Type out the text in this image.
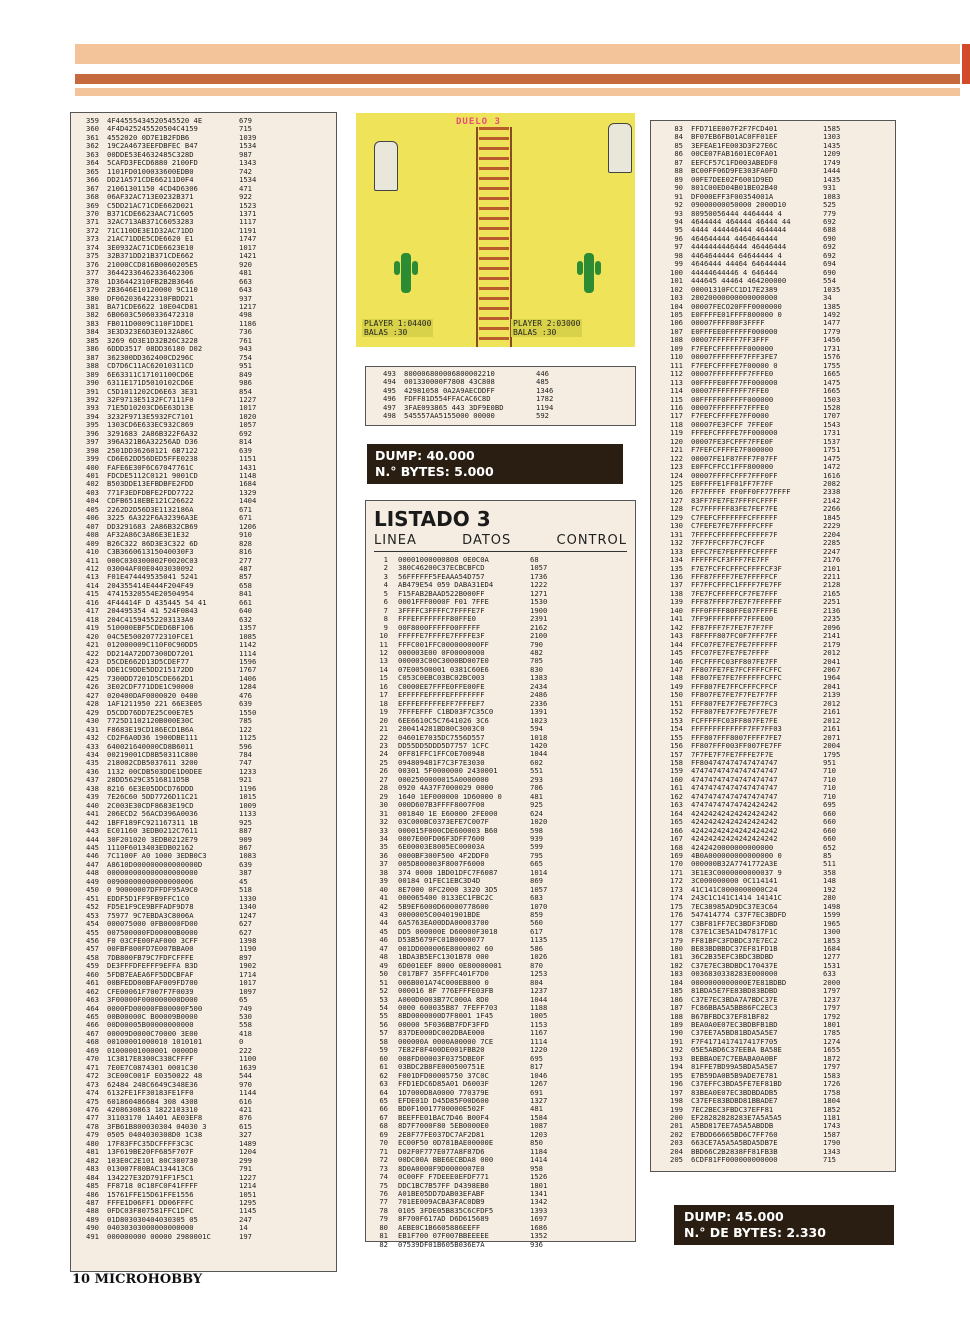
359	4F44555434520545520 4E	679
360	4F4D425245520504C4159	715
361	4552020 0D7E1B2FDB6	1039
362	19C2A4673EEFDBFEC B47	1534
363	00DDE53E4632485C328D	987
364	5CAFD3FECD6880 2100FD	1343
365	1101FD0100033600EDB0	742
366	DD21A571CDE66211D0F4	1534
367	21061301150 4CD4D6306	471
368	06AF32AC713E0232B371	922
369	C5DD21AC71CDE662D021	1523
370	B371CDE6623AAC71C605	1371
371	32AC713AB371C6053283	1117
372	71C110DE3E1D32AC71DD	1191
373	21AC71DDE5CDE6620 E1	1747
374	3E0932AC71CDE6623E10	1017
375	32B371DD21B371CDE662	1421
376	21000CCD816B0060205E5	920
377	36442336462336462306	481
378	1D36442310FB2B2B3646	663
379	2B3646E10120000 9C110	643
380	DF062036422310FBDD21	937
381	BA71CDE6622 10E04CD81	1217
382	6B0603C5060336472310	498
383	FB011D0009C110F1DDE1	1186
384	3E3D323E6D3E0132A86C	736
385	3269 6D3E1D32B26C3228	761
386	6DDD3517 08DD36180 D02	943
387	362300DD362400CD296C	754
388	CD7D6C11AC62010311CD	951
389	6E63311C17101100CD6E	849
390	6311E171D5010102CD6E	986
391	C5D1011202CD6E63 3E31	854
392	32F9713E5132FC7111F0	1227
393	71E5D10203CD6E63D13E	1017
394	3232F9713E5932FC7101	1020
395	1303CD6E633EC932C869	1057
396	3291683 2A86B322F6A32	692
397	396A321B6A32256AD D36	814
398	2501DD36260121 6B7122	639
399	CD6E62DD56DED5FFE0238	1151
400	FAFE6E30F6C67047761C	1431
401	FDCDE5112C0121 9001CD	1148
402	B503DDE13EFBDBFE2FDD	1684
403	771F3EDFDBFE2FDD7722	1329
404	CDFB6518EBE121C26622	1404
405	2262D2D56D3E1132186A	671
406	3225 6A322F6A32396A3E	671
407	DD3291683 2A86B32CB69	1206
408	AF32A86C3A86E3E1E32	910
409	B26C322 86D3E3C322 6D	828
410	C3B366061315040030F3	816
411	000C030300002F0020C03	277
412	03004AF00E0403030092	487
413	F01E474449535041 5241	857
414	204355414E444F204F49	658
415	47415320554E20504954	841
416	4F44414F D 435445 54 41	661
417	204495354 41 524F0843	640
418	204C41594552203133A0	632
419	510000EBF5CDED6BF106	1357
420	04C5E50020772310FCE1	1085
421	012000009C110F0C90DD5	1142
422	DD214A72DD7300DD7201	1114
423	D5CDE662D13D5CDEF77	1596
424	DDE1C9DDE5DD215172DD	1767
425	7300DD7201D5CDE662D1	1406
426	3E02CDF771DDE1C90000	1284
427	020400DAF0000020 0400	476
428	1AF1211950 221 66E3E05	639
429	D5CDD76DD7E25C00E7E5	1550
430	7725D1102120B000E30C	785
431	F8683E19CD186ECD1B6A	122
432	CD2F6A0D36 1900DBE111	1125
433	640021640000CD8B6011	596
434	00219001CD8B50311C800	784
435	218002CDB5037611 3200	747
436	1132 00CDB503DDE1D0DEE	1233
437	28DD5629C3516811D5B	921
438	8216 6E3E05DDCD76DDD	1196
439	7E26C60 5DD7726D11C21	1015
440	2C003E30CDF8683E19CD	1009
441	206ECD2 56ACD396A0036	1133
442	1BFF189FC921167311 1B	925
443	EC01160 3EDB0212C7611	887
444	30F201020 3EDB0212E79	909
445	1110F6013403EDB02162	867
446	7C1100F A0 1000 3EDB0C3	1083
447	A8610D000000000000000D	639
448	000000000000000000000	387
449	00900000000000000006	45
450	0 90000007DFFDF95A9C0	518
451	EDDF5D1FF9FB9FFC1C0	1330
452	FD5E1F9CE9BFFADF9D78	1340
453	75977 9C7EBDA3C8006A	1247
454	000075000 0FB0000FD00	627
455	007500000FD00000B0000	627
456	F0 03CFE00FAF000 3CFF	1398
457	00FBF800FD7E007BBA00	1190
458	7DB800FB79C7FDFCFFFE	897
459	DE3FFFDFEFFF9EFFA B3D	1902
460	5FDB7EAEA6FF5DDCBFAF	1714
461	00BFEDD00BFAF009FD700	1017
462	CFE00061F7007F7F0039	1097
463	3F00000F000000000D000	65
464	0000FD00000FB00000F500	749
465	00B00000C B00009B0000	530
466	00D00005B00000000000	558
467	00009D0000C70000 3E00	418
468	00100001000010 1010101	0
469	01000001000001 0000D0	222
470	1C3817E8300C338CFFFF	1100
471	7E0E7C0874301 0001C30	1639
472	3CE00C001F E0350022 48	544
473	62484 248C6649C348E36	970
474	6132FE1FF30183FE1FF0	1144
475	601860486684 308 4308	616
476	4208630863 1822103310	421
477	31103170 1A401 AE03EF8	876
478	3FB61B800030304 04030 3	615
479	0505 0404030308D0 1C38	327
480	17F83FFC35DCFFFF3C3C	1489
481	13F619BE20FF685F707F	1204
482	103E0C2E101 80C380730	299
483	013007F80BAC134413C6	791
484	134227E32D791FF1F5C1	1227
485	FF8718 0C18FC0F41FFFF	1214
486	15761FFE15D61FFE1556	1051
487	FFFE1D06FF1 DD06FFFC	1295
488	0FDC03F807581FFC1DFC	1145
489	01D803030404030305 05	247
490	04030303000000000000	14
491	000000000 00000 2980001C	197
DUELO 3
PLAYER 1:04400
BALAS :30
PLAYER 2:03000
BALAS :30
493	800006800006800002210	446
494	001330000F7808 43C808	485
495	42981058 0A2A9AECDDFF	1346
496	FDFF81D554FFACAC6C8D	1782
497	3FAE093865 443 3DF9E0BD	1194
498	545557AA5155000 00000	592
DUMP: 40.000
N.° BYTES: 5.000
LISTADO 3
LINEA	DATOS	CONTROL
1	00001000000808 0E0C0A	68
2	380C46200C37ECBCBFCD	1057
3	56FFFFFF5FEAAA54D757	1736
4	AB479E54 059 DABA31ED4	1222
5	F15FAB2BAAD522B000FF	1271
6	0001FFF0000F F01 7FFE	1530
7	3FFFFC3FFFFC7FFFFE7F	1900
8	FFFEFFFFFFFF80FFE0	2391
9	00F8000FFFFF00FFFFF	2162
10	FFFFFE7FFFFE7FFFFE3F	2100
11	FFFC001FFC000000000FF	790
12	000003E00 0F00000000	482
13	000003C00C3000BD007E0	705
14	07E00500001 0381C60E6	830
15	C053C0EBC03BC02BC003	1383
16	C0000EE7FFFE0FFE00FE	2434
17	EFFFFFEFFFFEFFFFFFFF	2486
18	EFFFEFFFFFEFF7FFFEF7	2336
19	7FFFEFFF C1BD03F7C35C0	1391
20	6EE6610C5C7641026 3C6	1023
21	200414281BD80C3003C0	594
22	04601E7035DC7556D557	1018
23	DD55DD5DDD5D7757 1CFC	1420
24	0FF81FFC1FFC0E700948	1044
25	094809481F7C3F7E3030	602
26	00301 5F0000000 2430001	551
27	0002500000015A0000000	293
28	0920 4A37F7000029 0000	706
29	1640 1EF000000 1D60000 0	481
30	000D607B3FFFF8007F00	925
31	001840 1E E60000 2FE000	624
32	03C000BC0373EFE7C007F	1020
33	000015F000CDE600003 B60	598
34	0007E00FD06F3DFF7600	939
35	6E00003E8005EC00003A	599
36	0000BF300F500 4F2DDF0	795
37	005D800003F8007F6000	665
38	374 0000 1BD01DFC7F6087	1014
39	00184 01FEC1EBC3D4D	869
40	8E7000 0FC2000 3320 3D5	1057
41	000065400 0133EC1FBC2C	683
42	5B9EF6000D60000778600	1070
43	0000005C00401901BDE	859
44	6A5763EA00DDA00003700	560
45	DD5 000000E D60000F3018	617
46	D53B5679FC01B0000077	1135
47	001DD000006E8000002 60	586
48	1BDA3B5EFC1301B78 000	1026
49	6D001EEF 8000 0E80000001	870
50	C017BF7 35FFFC401F7D0	1253
51	006B001A74C000EB800 0	804
52	000016 8F 776EFFFE03FB	1237
53	A000D0003B77C000A 8D0	1044
54	0000 600035B87 7FEFF703	1188
55	8BD0000000D7F8001 1F45	1005
56	00000 5F036BB7FDF3FFD	1153
57	837DE000DC002DBAE000	1167
58	000000A 0000A00000 7CE	1114
59	7E82F8F400DE001FBB20	1220
60	008FD00003F0375DBE0F	695
61	03BDC2B8FE000500751E	817
62	F001DFD00005750 37C0C	1046
63	FFD1EDC6D85A01 D6003F	1267
64	1D7000D8A0000 770379E	691
65	EFDE01D D45D85F00D600	1327
66	BD0F10017700000E502F	481
67	BEEFFE01BAC7D46 B00F4	1584
68	8D7F7000F80 5EB0000E0	1087
69	2E8F77FE037DC7AF2D81	1203
70	EC00F50 0D781BAE00000E	850
71	D02F0F777E077A8F87D6	1184
72	00DC00A BBE6ECBDA8 000	1414
73	8D0A0000F9D0000007E0	958
74	0C00FF F7DEEE0EFDF771	1526
75	DDC1BC7B57FF D4398EB0	1801
76	A01BE05DD7DAB03EFABF	1341
77	701EE009ACBA3FAC0DB9	1342
78	0105 3FDE05B835C6CFDF5	1393
79	8F700F617AD D6D615689	1697
80	AEBE0C1B6605886EEFF	1686
81	EB1F700 07F007BBEEEEE	1352
82	07539DF01B605B036E7A	936
83	FFD71EE007F2F7FCD401	1585
84	BF07EB6FB01AC0FF01EF	1303
85	3EFEAE1FE003D3F27E6C	1435
86	00CE07FAB1601EC0FA01	1209
87	EEFCF57C1FD003ABEDF0	1749
88	BC00FF06D9FE303FA0FD	1444
89	00FE7DEE02F6001D9ED	1435
90	801C00ED04B01BE02B40	931
91	DF000EFF3F00354001A	1083
92	09000000050000 2000D10	525
93	80950056444 4464444 4	779
94	4644444 464444 46444 44	692
95	4444 444446444 4644444	688
96	464644444 4464644444	690
97	4444444446444 46446444	692
98	4464644444 64644444 4	692
99	4646444 44464 64644444	694
100	44444644446 4 646444	690
101	444645 44464 464200000	554
102	00001310FCC1D17E2389	1035
103	20020000000000000000	34
104	00007FECO20FFF0000000	1385
105	E0FFFFE01FFFF800000 0	1492
106	00007FFFF80F3FFFF	1477
107	E0FFFEE0FFFFFF000000	1779
108	00007FFFFFF7FF3FFF	1456
109	F7FEFCFFFFFFF000000	1731
110	00007FFFFFFF7FFF3FE7	1576
111	F7FEFCFFFFE7F00000 0	1755
112	00007FFFFFFFF7FFFE0	1665
113	00FFFFE0FFF7FF000000	1475
114	00007FFFFFFFF7FFE0	1665
115	00FFFFF0FFFFF000000	1503
116	00007FFFFFFF7FFFE0	1528
117	F7FEFCFFFFE7FF0000	1707
118	00007FE3FCFF 7FFE0F	1543
119	FFFEFCFFFFE7FF000000	1731
120	00007FE3FCFFF7FFE0F	1537
121	F7FEFCFFFFE7F000000	1751
122	00007FE1F87FFF7F07FF	1475
123	E0FFCFFCC1FFF800000	1472
124	00007FFFFCFFF7FFF0FF	1616
125	E0FFFFE1FF01FF7F7FF	2082
126	FF7FFFFF FF0FF0FF77FFFF	2338
127	83FF7FE7FE7FFFFCFFFF	2142
128	FC7FFFFFF83FE7FEF7FE	2266
129	C7FEFCFFFFFFFCFFFFFF	1845
130	C7FEFE7FE7FFFFFCFFF	2229
131	7FFFFCFFFFFFCFFFFF7F	2204
132	7FF7FFCFF7FC7FCFF	2285
133	EFFC7FE7FEFFFFCFFFFF	2247
134	FFFFFFCF3FFF7FE7FF	2176
135	F7E7FCFFCFFFCFFFFCF3F	2101
136	FFF87FFFF7FE7FFFFFCF	2211
137	FF7FFCFFFC1FFFF7FE7FF	2128
138	7FE7FCFFFFFCF7FE7FFF	2165
139	FFF87FFFF7FE7F7FFFFFF	2251
140	FFF0FFFF80FFE07FFFFE	2136
141	7FF9FFFFFFFF7FFFE00	2235
142	FF87FFF7F7FE7F7F7FF	2096
143	F8FFFF807FC0F7FFF7FF	2141
144	FFC07FE7FE7FE7FFFFFF	2179
145	FFC07FE7FE7FE7FFFF	2012
146	FFCFFFFC03FF807FE7FF	2041
147	FF807FE7FE7FCFFFFCFFC	2067
148	FF807FE7FE7FFFFFFCFFC	1964
149	FFF807FE7FFCFFFCFFCF	2041
150	FF807FE7FE7F7FE7F7FF	2139
151	FFF807FE7F7FE7FF7FC3	2012
152	FFF807FE7F7FE7F7FE7F	2161
153	FCFFFFFC03FF807FE7FE	2012
154	FFFFFFFFFFFFF7FF7FF03	2161
155	FFF807FFF8007FFFF7FE7	2071
156	FF807FFF003FF007FE7FF	2004
157	7F7FE7F7FE7FFFE7F7E	1795
158	FF804747474747474747	951
159	47474747474747474747	710
160	47474747474747474747	710
161	47474747474747474747	710
162	47474747474747474747	710
163	47474747474742424242	695
164	42424242424242424242	660
165	42424242424242424242	660
166	42424242424242424242	660
167	42424242424242424242	660
168	4242420000000000000	652
169	4B0A000000000000000 0	85
170	000000B32A7741772A3E	511
171	3E1E3C0000000000037 9	358
172	3C000000000 0C114141	148
173	41C141C0000000000C24	192
174	243C1C141C1414 14141C	280
175	7EC38985AD9DC37E3C64	1498
176	547414774 C37F7EC3BDFD	1599
177	C3BF81FF7EC3BDF3FDBD	1965
178	C37E1C3E5A1D47817F1C	1300
179	FF81BFC3FDBDC37E7EC2	1853
180	BE83BDBBDC37EF81FD1B	1684
181	36C2B35EFC3BDC3BDBD	1277
182	C37E7EC3BDBDC170437E	1531
183	0036830338283E000000	633
184	0000000000000E7E81BDBD	2000
185	81BDA5E7FE83BD83BDBD	1797
186	C37E7EC3BDA7A7BDC37E	1237
187	FC86BBA5A5BB86FC2EC3	1797
188	B67BFBDC37EF81BF82	1792
189	BEA0A0E07EC3BDBFB1BD	1801
190	C37EE7A5BD81BDA5A5E7	1785
191	F7F4171417417417F705	1274
192	05E5ABD6C37EEBA BA58E	1655
193	BEBBAOE7C7EBABA0A0BF	1872
194	81FFE7BD99A5BDA5A5E7	1797
195	E7B59DA0B5B9ADE7E781	1583
196	C37EFFC3BDA5FE7EF81BD	1726
197	83BEA0E07EC3BDBDADB5	1758
198	C37EFE83BDBD81BBADE7	1804
199	7EC2BEC3FBDC37EFF81	1852
200	EF28282828283E7A5A5A5	1181
201	A5BD817EE7A5A5ABDDB	1743
202	E7BDD66665BD6C7FF760	1587
203	663CE7A5A5A5BDA5DB7E	1790
204	BBD66C2B2838FF81FB3B	1343
205	6CDF81FF000000000000	715
DUMP: 45.000
N.° DE BYTES: 2.330
10 MICROHOBBY
